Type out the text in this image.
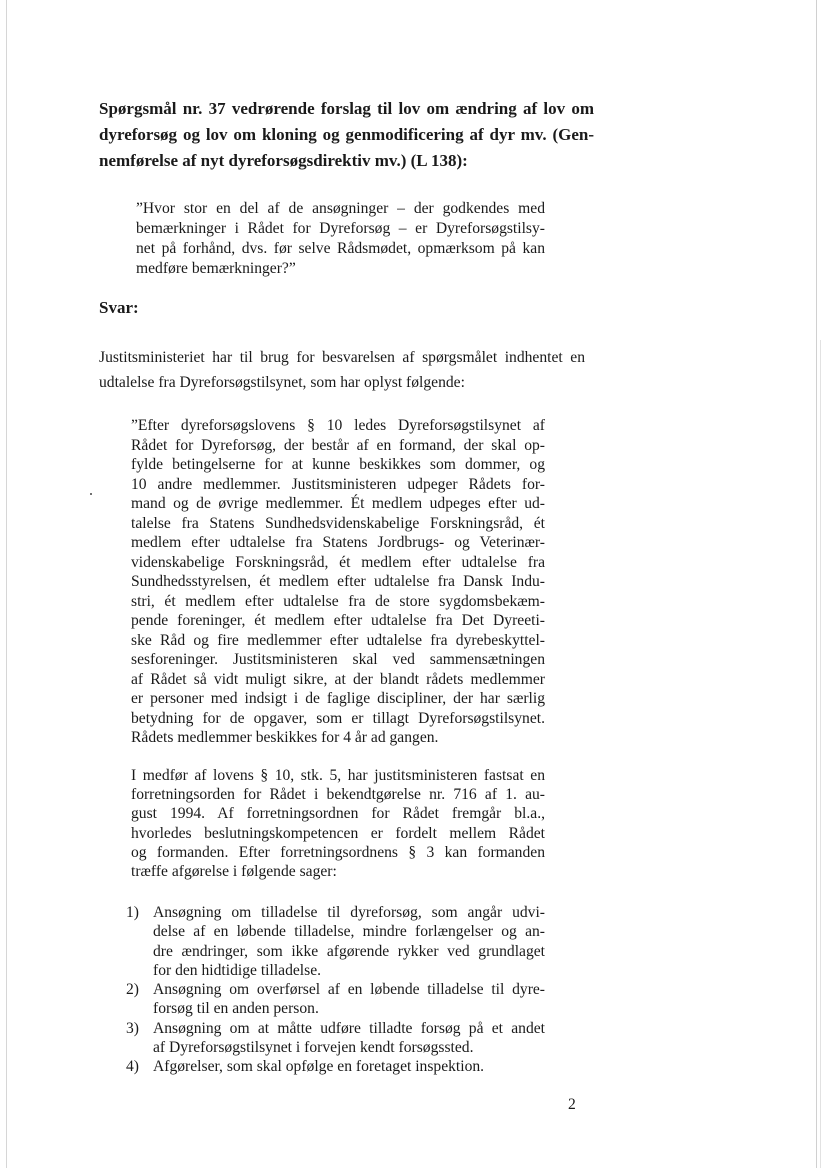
Spørgsmål nr. 37 vedrørende forslag til lov om ændring af lov om
dyreforsøg og lov om kloning og genmodificering af dyr mv. (Gen-
nemførelse af nyt dyreforsøgsdirektiv mv.) (L 138):
”Hvor stor en del af de ansøgninger – der godkendes med
bemærkninger i Rådet for Dyreforsøg – er Dyreforsøgstilsy-
net på forhånd, dvs. før selve Rådsmødet, opmærksom på kan
medføre bemærkninger?”
Svar:
Justitsministeriet har til brug for besvarelsen af spørgsmålet indhentet en
udtalelse fra Dyreforsøgstilsynet, som har oplyst følgende:
”Efter dyreforsøgslovens § 10 ledes Dyreforsøgstilsynet af
Rådet for Dyreforsøg, der består af en formand, der skal op-
fylde betingelserne for at kunne beskikkes som dommer, og
10 andre medlemmer. Justitsministeren udpeger Rådets for-
mand og de øvrige medlemmer. Ét medlem udpeges efter ud-
talelse fra Statens Sundhedsvidenskabelige Forskningsråd, ét
medlem efter udtalelse fra Statens Jordbrugs- og Veterinær-
videnskabelige Forskningsråd, ét medlem efter udtalelse fra
Sundhedsstyrelsen, ét medlem efter udtalelse fra Dansk Indu-
stri, ét medlem efter udtalelse fra de store sygdomsbekæm-
pende foreninger, ét medlem efter udtalelse fra Det Dyreeti-
ske Råd og fire medlemmer efter udtalelse fra dyrebeskyttel-
sesforeninger. Justitsministeren skal ved sammensætningen
af Rådet så vidt muligt sikre, at der blandt rådets medlemmer
er personer med indsigt i de faglige discipliner, der har særlig
betydning for de opgaver, som er tillagt Dyreforsøgstilsynet.
Rådets medlemmer beskikkes for 4 år ad gangen.
I medfør af lovens § 10, stk. 5, har justitsministeren fastsat en
forretningsorden for Rådet i bekendtgørelse nr. 716 af 1. au-
gust 1994. Af forretningsordnen for Rådet fremgår bl.a.,
hvorledes beslutningskompetencen er fordelt mellem Rådet
og formanden. Efter forretningsordnens § 3 kan formanden
træffe afgørelse i følgende sager:
1) Ansøgning om tilladelse til dyreforsøg, som angår udvi-
delse af en løbende tilladelse, mindre forlængelser og an-
dre ændringer, som ikke afgørende rykker ved grundlaget
for den hidtidige tilladelse.
2) Ansøgning om overførsel af en løbende tilladelse til dyre-
forsøg til en anden person.
3) Ansøgning om at måtte udføre tilladte forsøg på et andet
af Dyreforsøgstilsynet i forvejen kendt forsøgssted.
4) Afgørelser, som skal opfølge en foretaget inspektion.
2
